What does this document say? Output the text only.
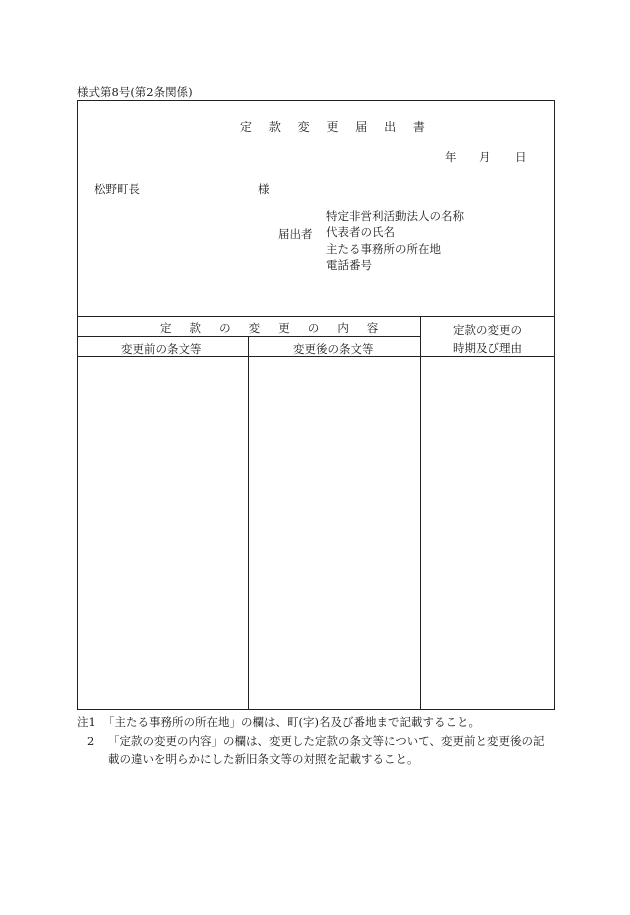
様式第8号(第2条関係)
定 款 変 更 届 出 書
年 月 日
松野町長	様
届出者
特定非営利活動法人の名称
代表者の氏名
主たる事務所の所在地
電話番号
定 款 の 変 更 の 内 容
変更前の条文等	変更後の条文等
定款の変更の
時期及び理由
注1 「主たる事務所の所在地」の欄は、町(字)名及び番地まで記載すること。
2 「定款の変更の内容」の欄は、変更した定款の条文等について、変更前と変更後の記
載の違いを明らかにした新旧条文等の対照を記載すること。
